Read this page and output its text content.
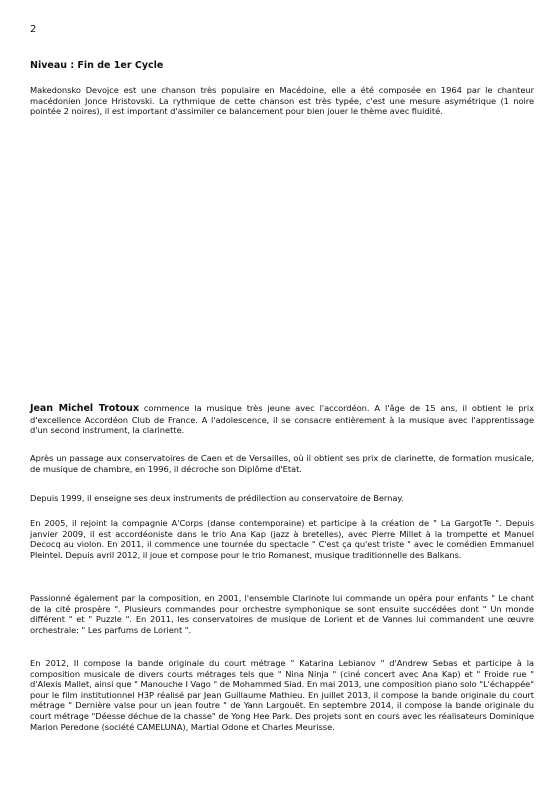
2
Niveau : Fin de 1er Cycle

Makedonsko Devojce est une chanson très populaire en Macédoine, elle a été composée en 1964 par le chanteur macédonien Jonce Hristovski. La rythmique de cette chanson est très typée, c'est une mesure asymétrique (1 noire pointée 2 noires), il est important d'assimiler ce balancement pour bien jouer le thème avec fluidité.

Jean Michel Trotoux commence la musique très jeune avec l'accordéon. A l'âge de 15 ans, il obtient le prix d'excellence Accordéon Club de France. A l'adolescence, il se consacre entièrement à la musique avec l'apprentissage d'un second instrument, la clarinette.

Après un passage aux conservatoires de Caen et de Versailles, où il obtient ses prix de clarinette, de formation musicale, de musique de chambre, en 1996, il décroche son Diplôme d'Etat.

Depuis 1999, il enseigne ses deux instruments de prédilection au conservatoire de Bernay.

En 2005, il rejoint la compagnie A'Corps (danse contemporaine) et participe à la création de " La GargotTe ". Depuis janvier 2009, il est accordéoniste dans le trio Ana Kap (jazz à bretelles), avec Pierre Millet à la trompette et Manuel Decocq au violon. En 2011, il commence une tournée du spectacle " C'est ça qu'est triste " avec le comédien Emmanuel Pleintel. Depuis avril 2012, il joue et compose pour le trio Romanest, musique traditionnelle des Balkans.

Passionné également par la composition, en 2001, l'ensemble Clarinote lui commande un opéra pour enfants " Le chant de la cité prospère ". Plusieurs commandes pour orchestre symphonique se sont ensuite succédées dont " Un monde différent " et " Puzzle ". En 2011, les conservatoires de musique de Lorient et de Vannes lui commandent une œuvre orchestrale: " Les parfums de Lorient ".

En 2012, Il compose la bande originale du court métrage " Katarina Lebianov " d'Andrew Sebas et participe à la composition musicale de divers courts métrages tels que " Nina Ninja " (ciné concert avec Ana Kap) et " Froide rue " d'Alexis Mallet, ainsi que " Manouche I Vago " de Mohammed Siad. En mai 2013, une composition piano solo "L'échappée" pour le film institutionnel H3P réalisé par Jean Guillaume Mathieu. En juillet 2013, il compose la bande originale du court métrage " Dernière valse pour un jean foutre " de Yann Largouët. En septembre 2014, il compose la bande originale du court métrage "Déesse déchue de la chasse" de Yong Hee Park. Des projets sont en cours avec les réalisateurs Dominique Marion Peredone (société CAMELUNA), Martial Odone et Charles Meurisse.
